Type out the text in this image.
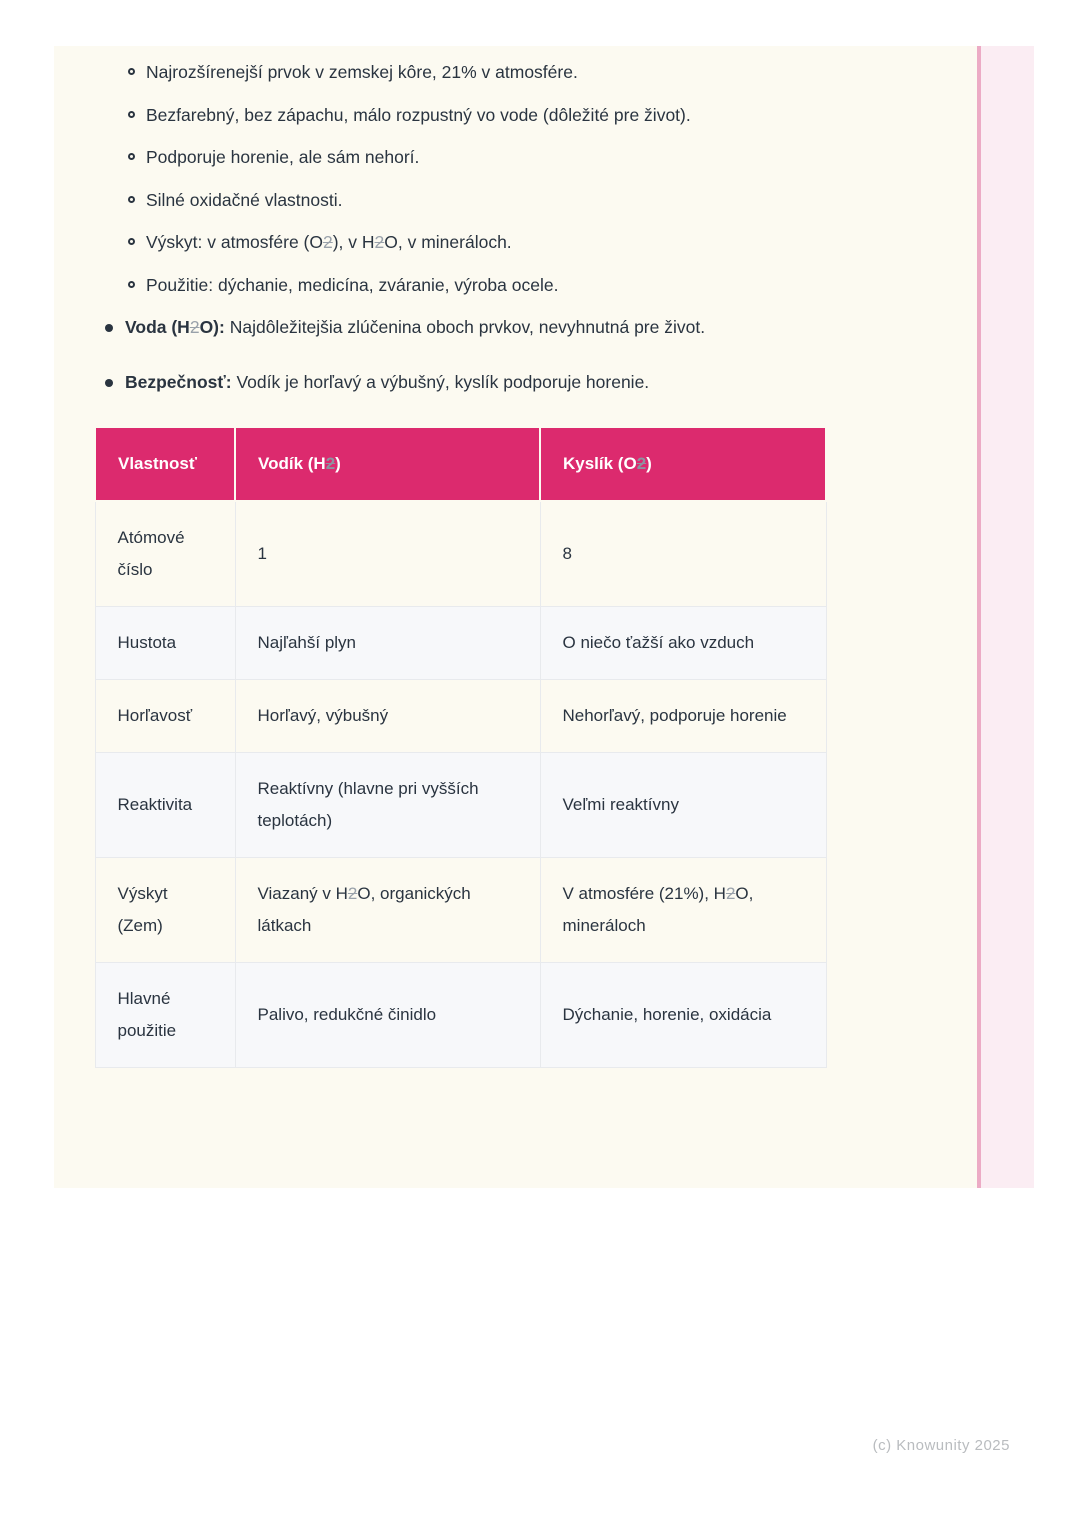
Najrozšírenejší prvok v zemskej kôre, 21% v atmosfére.
Bezfarebný, bez zápachu, málo rozpustný vo vode (dôležité pre život).
Podporuje horenie, ale sám nehorí.
Silné oxidačné vlastnosti.
Výskyt: v atmosfére (O2), v H2O, v mineráloch.
Použitie: dýchanie, medicína, zváranie, výroba ocele.
Voda (H2O): Najdôležitejšia zlúčenina oboch prvkov, nevyhnutná pre život.
Bezpečnosť: Vodík je horľavý a výbušný, kyslík podporuje horenie.
Vlastnosť	Vodík (H2)	Kyslík (O2)
Atómové číslo	1	8
Hustota	Najľahší plyn	O niečo ťažší ako vzduch
Horľavosť	Horľavý, výbušný	Nehorľavý, podporuje horenie
Reaktivita	Reaktívny (hlavne pri vyšších teplotách)	Veľmi reaktívny
Výskyt (Zem)	Viazaný v H2O, organických látkach	V atmosfére (21%), H2O, mineráloch
Hlavné použitie	Palivo, redukčné činidlo	Dýchanie, horenie, oxidácia
(c) Knowunity 2025
